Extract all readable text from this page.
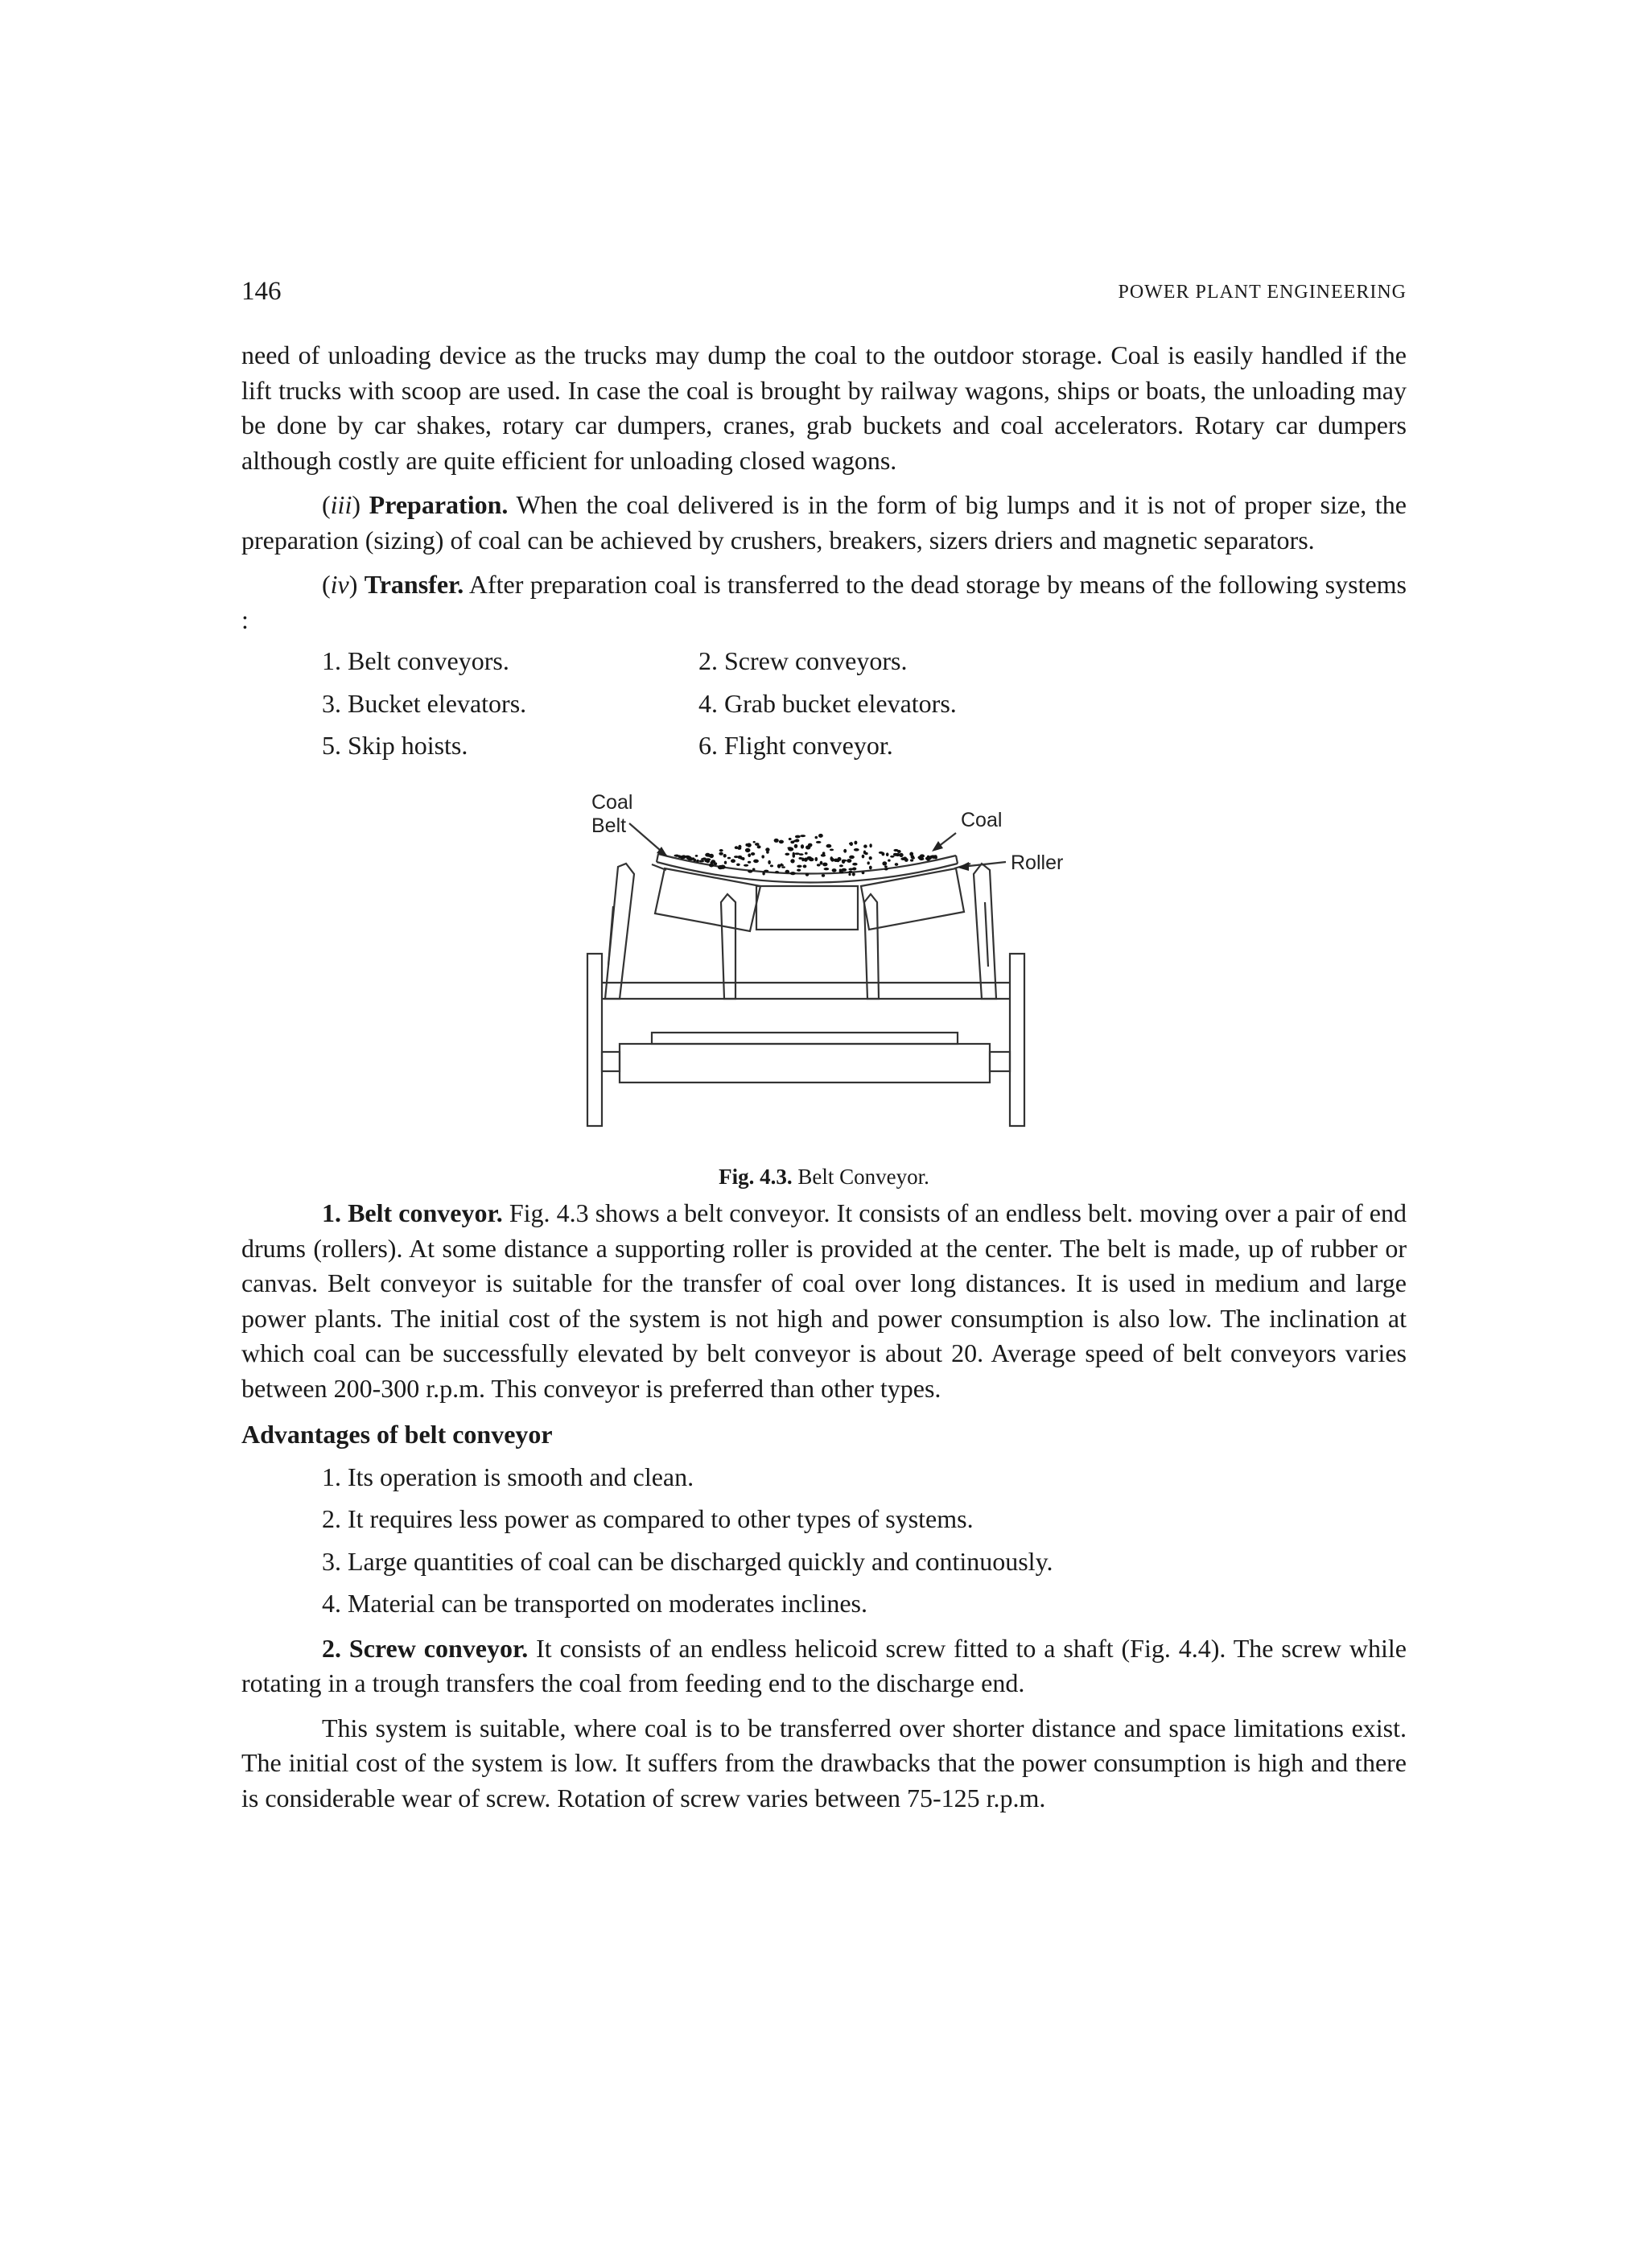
146	POWER PLANT ENGINEERING

need of unloading device as the trucks may dump the coal to the outdoor storage. Coal is easily handled if the lift trucks with scoop are used. In case the coal is brought by railway wagons, ships or boats, the unloading may be done by car shakes, rotary car dumpers, cranes, grab buckets and coal accelerators. Rotary car dumpers although costly are quite efficient for unloading closed wagons.

(iii) Preparation. When the coal delivered is in the form of big lumps and it is not of proper size, the preparation (sizing) of coal can be achieved by crushers, breakers, sizers driers and magnetic separators.

(iv) Transfer. After preparation coal is transferred to the dead storage by means of the following systems :

1. Belt conveyors.	2. Screw conveyors.
3. Bucket elevators.	4. Grab bucket elevators.
5. Skip hoists.	6. Flight conveyor.
Coal
Belt	Coal
Roller
Fig. 4.3. Belt Conveyor.

1. Belt conveyor. Fig. 4.3 shows a belt conveyor. It consists of an endless belt. moving over a pair of end drums (rollers). At some distance a supporting roller is provided at the center. The belt is made, up of rubber or canvas. Belt conveyor is suitable for the transfer of coal over long distances. It is used in medium and large power plants. The initial cost of the system is not high and power consumption is also low. The inclination at which coal can be successfully elevated by belt conveyor is about 20. Average speed of belt conveyors varies between 200-300 r.p.m. This conveyor is preferred than other types.

Advantages of belt conveyor

1. Its operation is smooth and clean.
2. It requires less power as compared to other types of systems.
3. Large quantities of coal can be discharged quickly and continuously.
4. Material can be transported on moderates inclines.

2. Screw conveyor. It consists of an endless helicoid screw fitted to a shaft (Fig. 4.4). The screw while rotating in a trough transfers the coal from feeding end to the discharge end.

This system is suitable, where coal is to be transferred over shorter distance and space limitations exist. The initial cost of the system is low. It suffers from the drawbacks that the power consumption is high and there is considerable wear of screw. Rotation of screw varies between 75-125 r.p.m.
